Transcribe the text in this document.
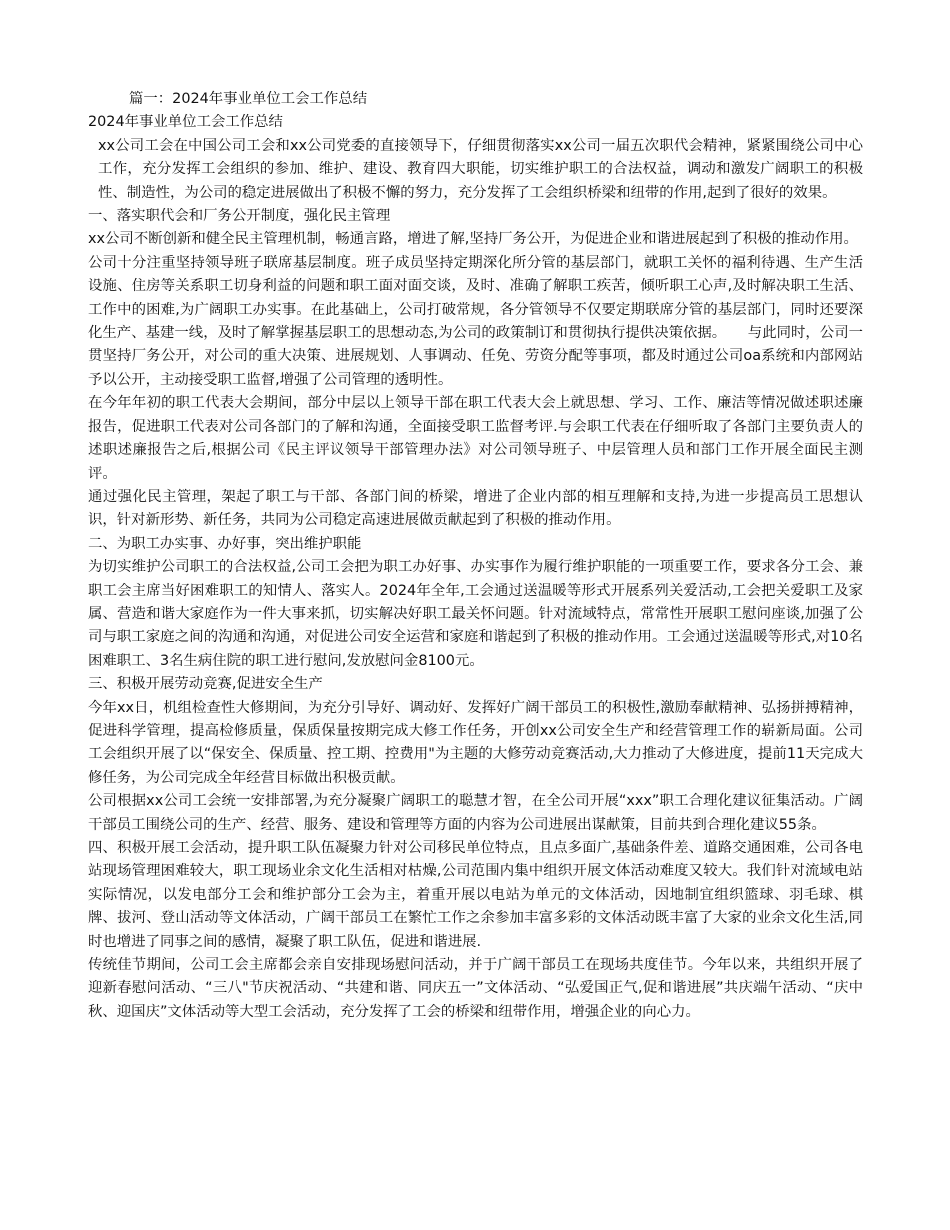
篇一：2024年事业单位工会工作总结

2024年事业单位工会工作总结

xx公司工会在中国公司工会和xx公司党委的直接领导下，仔细贯彻落实xx公司一届五次职代会精神，紧紧围绕公司中心工作，充分发挥工会组织的参加、维护、建设、教育四大职能，切实维护职工的合法权益，调动和激发广阔职工的积极性、制造性，为公司的稳定进展做出了积极不懈的努力，充分发挥了工会组织桥梁和纽带的作用,起到了很好的效果。

一、落实职代会和厂务公开制度，强化民主管理

xx公司不断创新和健全民主管理机制，畅通言路，增进了解,坚持厂务公开，为促进企业和谐进展起到了积极的推动作用。

公司十分注重坚持领导班子联席基层制度。班子成员坚持定期深化所分管的基层部门，就职工关怀的福利待遇、生产生活设施、住房等关系职工切身利益的问题和职工面对面交谈，及时、准确了解职工疾苦，倾听职工心声,及时解决职工生活、工作中的困难,为广阔职工办实事。在此基础上，公司打破常规，各分管领导不仅要定期联席分管的基层部门，同时还要深化生产、基建一线，及时了解掌握基层职工的思想动态,为公司的政策制订和贯彻执行提供决策依据。　　与此同时，公司一贯坚持厂务公开，对公司的重大决策、进展规划、人事调动、任免、劳资分配等事项，都及时通过公司oa系统和内部网站予以公开，主动接受职工监督,增强了公司管理的透明性。

在今年年初的职工代表大会期间，部分中层以上领导干部在职工代表大会上就思想、学习、工作、廉洁等情况做述职述廉报告，促进职工代表对公司各部门的了解和沟通，全面接受职工监督考评.与会职工代表在仔细听取了各部门主要负责人的述职述廉报告之后,根据公司《民主评议领导干部管理办法》对公司领导班子、中层管理人员和部门工作开展全面民主测评。

通过强化民主管理，架起了职工与干部、各部门间的桥梁，增进了企业内部的相互理解和支持,为进一步提高员工思想认识，针对新形势、新任务，共同为公司稳定高速进展做贡献起到了积极的推动作用。

二、为职工办实事、办好事，突出维护职能

为切实维护公司职工的合法权益,公司工会把为职工办好事、办实事作为履行维护职能的一项重要工作，要求各分工会、兼职工会主席当好困难职工的知情人、落实人。2024年全年,工会通过送温暖等形式开展系列关爱活动,工会把关爱职工及家属、营造和谐大家庭作为一件大事来抓，切实解决好职工最关怀问题。针对流域特点，常常性开展职工慰问座谈,加强了公司与职工家庭之间的沟通和沟通，对促进公司安全运营和家庭和谐起到了积极的推动作用。工会通过送温暖等形式,对10名困难职工、3名生病住院的职工进行慰问,发放慰问金8100元。

三、积极开展劳动竞赛,促进安全生产

今年xx日，机组检查性大修期间，为充分引导好、调动好、发挥好广阔干部员工的积极性,激励奉献精神、弘扬拼搏精神，促进科学管理，提高检修质量，保质保量按期完成大修工作任务，开创xx公司安全生产和经营管理工作的崭新局面。公司工会组织开展了以“保安全、保质量、控工期、控费用"为主题的大修劳动竞赛活动,大力推动了大修进度，提前11天完成大修任务，为公司完成全年经营目标做出积极贡献。

公司根据xx公司工会统一安排部署,为充分凝聚广阔职工的聪慧才智，在全公司开展“xxx”职工合理化建议征集活动。广阔干部员工围绕公司的生产、经营、服务、建设和管理等方面的内容为公司进展出谋献策，目前共到合理化建议55条。

四、积极开展工会活动，提升职工队伍凝聚力针对公司移民单位特点，且点多面广,基础条件差、道路交通困难，公司各电站现场管理困难较大，职工现场业余文化生活相对枯燥,公司范围内集中组织开展文体活动难度又较大。我们针对流域电站实际情况，以发电部分工会和维护部分工会为主，着重开展以电站为单元的文体活动，因地制宜组织篮球、羽毛球、棋牌、拔河、登山活动等文体活动，广阔干部员工在繁忙工作之余参加丰富多彩的文体活动既丰富了大家的业余文化生活,同时也增进了同事之间的感情，凝聚了职工队伍，促进和谐进展.

传统佳节期间，公司工会主席都会亲自安排现场慰问活动，并于广阔干部员工在现场共度佳节。今年以来，共组织开展了迎新春慰问活动、“三八"节庆祝活动、“共建和谐、同庆五一”文体活动、“弘爱国正气,促和谐进展”共庆端午活动、“庆中秋、迎国庆”文体活动等大型工会活动，充分发挥了工会的桥梁和纽带作用，增强企业的向心力。
